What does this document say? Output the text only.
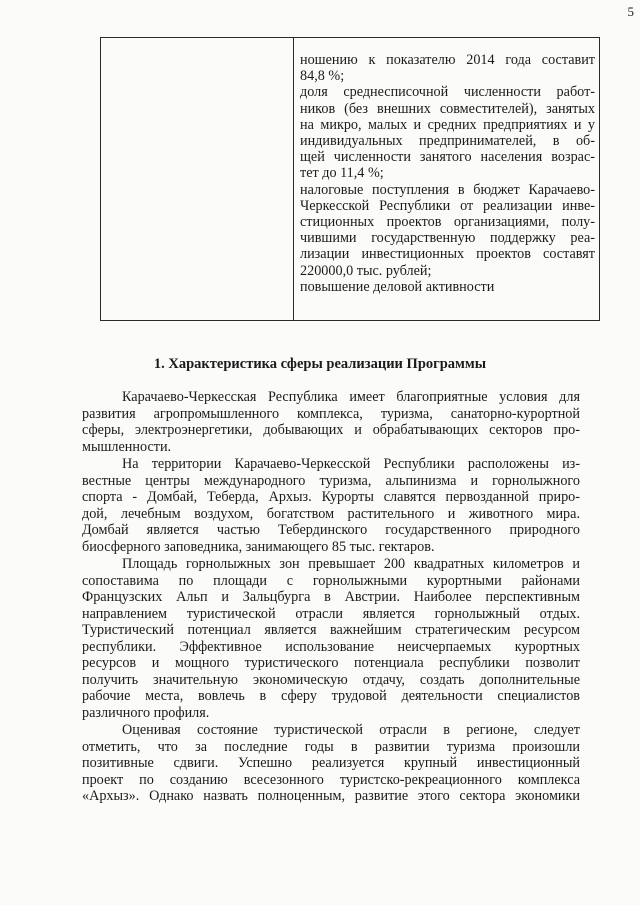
5
ношению к показателю 2014 года составит
84,8 %;
доля среднесписочной численности работ-
ников (без внешних совместителей), занятых
на микро, малых и средних предприятиях и у
индивидуальных предпринимателей, в об-
щей численности занятого населения возрас-
тет до 11,4 %;
налоговые поступления в бюджет Карачаево-
Черкесской Республики от реализации инве-
стиционных проектов организациями, полу-
чившими государственную поддержку реа-
лизации инвестиционных проектов составят
220000,0 тыс. рублей;
повышение деловой активности
1. Характеристика сферы реализации Программы
Карачаево-Черкесская Республика имеет благоприятные условия для
развития агропромышленного комплекса, туризма, санаторно-курортной
сферы, электроэнергетики, добывающих и обрабатывающих секторов про-
мышленности.
На территории Карачаево-Черкесской Республики расположены из-
вестные центры международного туризма, альпинизма и горнолыжного
спорта - Домбай, Теберда, Архыз. Курорты славятся первозданной приро-
дой, лечебным воздухом, богатством растительного и животного мира.
Домбай является частью Тебердинского государственного природного
биосферного заповедника, занимающего 85 тыс. гектаров.
Площадь горнолыжных зон превышает 200 квадратных километров и
сопоставима по площади с горнолыжными курортными районами
Французских Альп и Зальцбурга в Австрии. Наиболее перспективным
направлением туристической отрасли является горнолыжный отдых.
Туристический потенциал является важнейшим стратегическим ресурсом
республики. Эффективное использование неисчерпаемых курортных
ресурсов и мощного туристического потенциала республики позволит
получить значительную экономическую отдачу, создать дополнительные
рабочие места, вовлечь в сферу трудовой деятельности специалистов
различного профиля.
Оценивая состояние туристической отрасли в регионе, следует
отметить, что за последние годы в развитии туризма произошли
позитивные сдвиги. Успешно реализуется крупный инвестиционный
проект по созданию всесезонного туристско-рекреационного комплекса
«Архыз». Однако назвать полноценным, развитие этого сектора экономики
